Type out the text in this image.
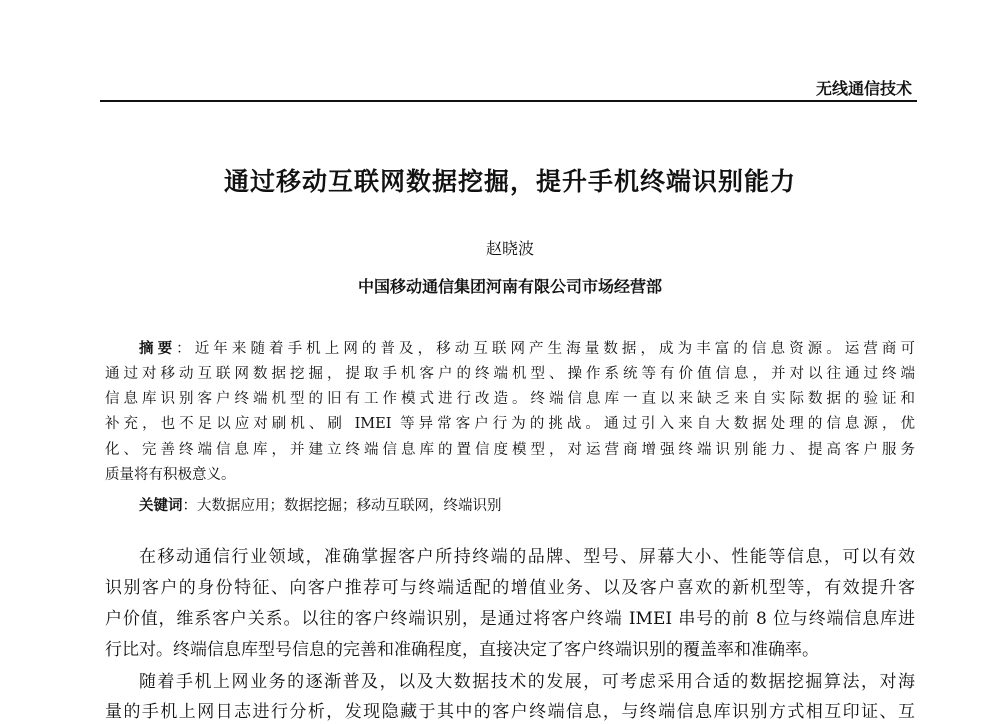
无线通信技术
通过移动互联网数据挖掘，提升手机终端识别能力
赵晓波
中国移动通信集团河南有限公司市场经营部
摘要：近年来随着手机上网的普及，移动互联网产生海量数据，成为丰富的信息资源。运营商可
通过对移动互联网数据挖掘，提取手机客户的终端机型、操作系统等有价值信息，并对以往通过终端
信息库识别客户终端机型的旧有工作模式进行改造。终端信息库一直以来缺乏来自实际数据的验证和
补充，也不足以应对刷机、刷 IMEI 等异常客户行为的挑战。通过引入来自大数据处理的信息源，优
化、完善终端信息库，并建立终端信息库的置信度模型，对运营商增强终端识别能力、提高客户服务
质量将有积极意义。
关键词：大数据应用；数据挖掘；移动互联网，终端识别
在移动通信行业领域，准确掌握客户所持终端的品牌、型号、屏幕大小、性能等信息，可以有效
识别客户的身份特征、向客户推荐可与终端适配的增值业务、以及客户喜欢的新机型等，有效提升客
户价值，维系客户关系。以往的客户终端识别，是通过将客户终端 IMEI 串号的前 8 位与终端信息库进
行比对。终端信息库型号信息的完善和准确程度，直接决定了客户终端识别的覆盖率和准确率。
随着手机上网业务的逐渐普及，以及大数据技术的发展，可考虑采用合适的数据挖掘算法，对海
量的手机上网日志进行分析，发现隐藏于其中的客户终端信息，与终端信息库识别方式相互印证、互
